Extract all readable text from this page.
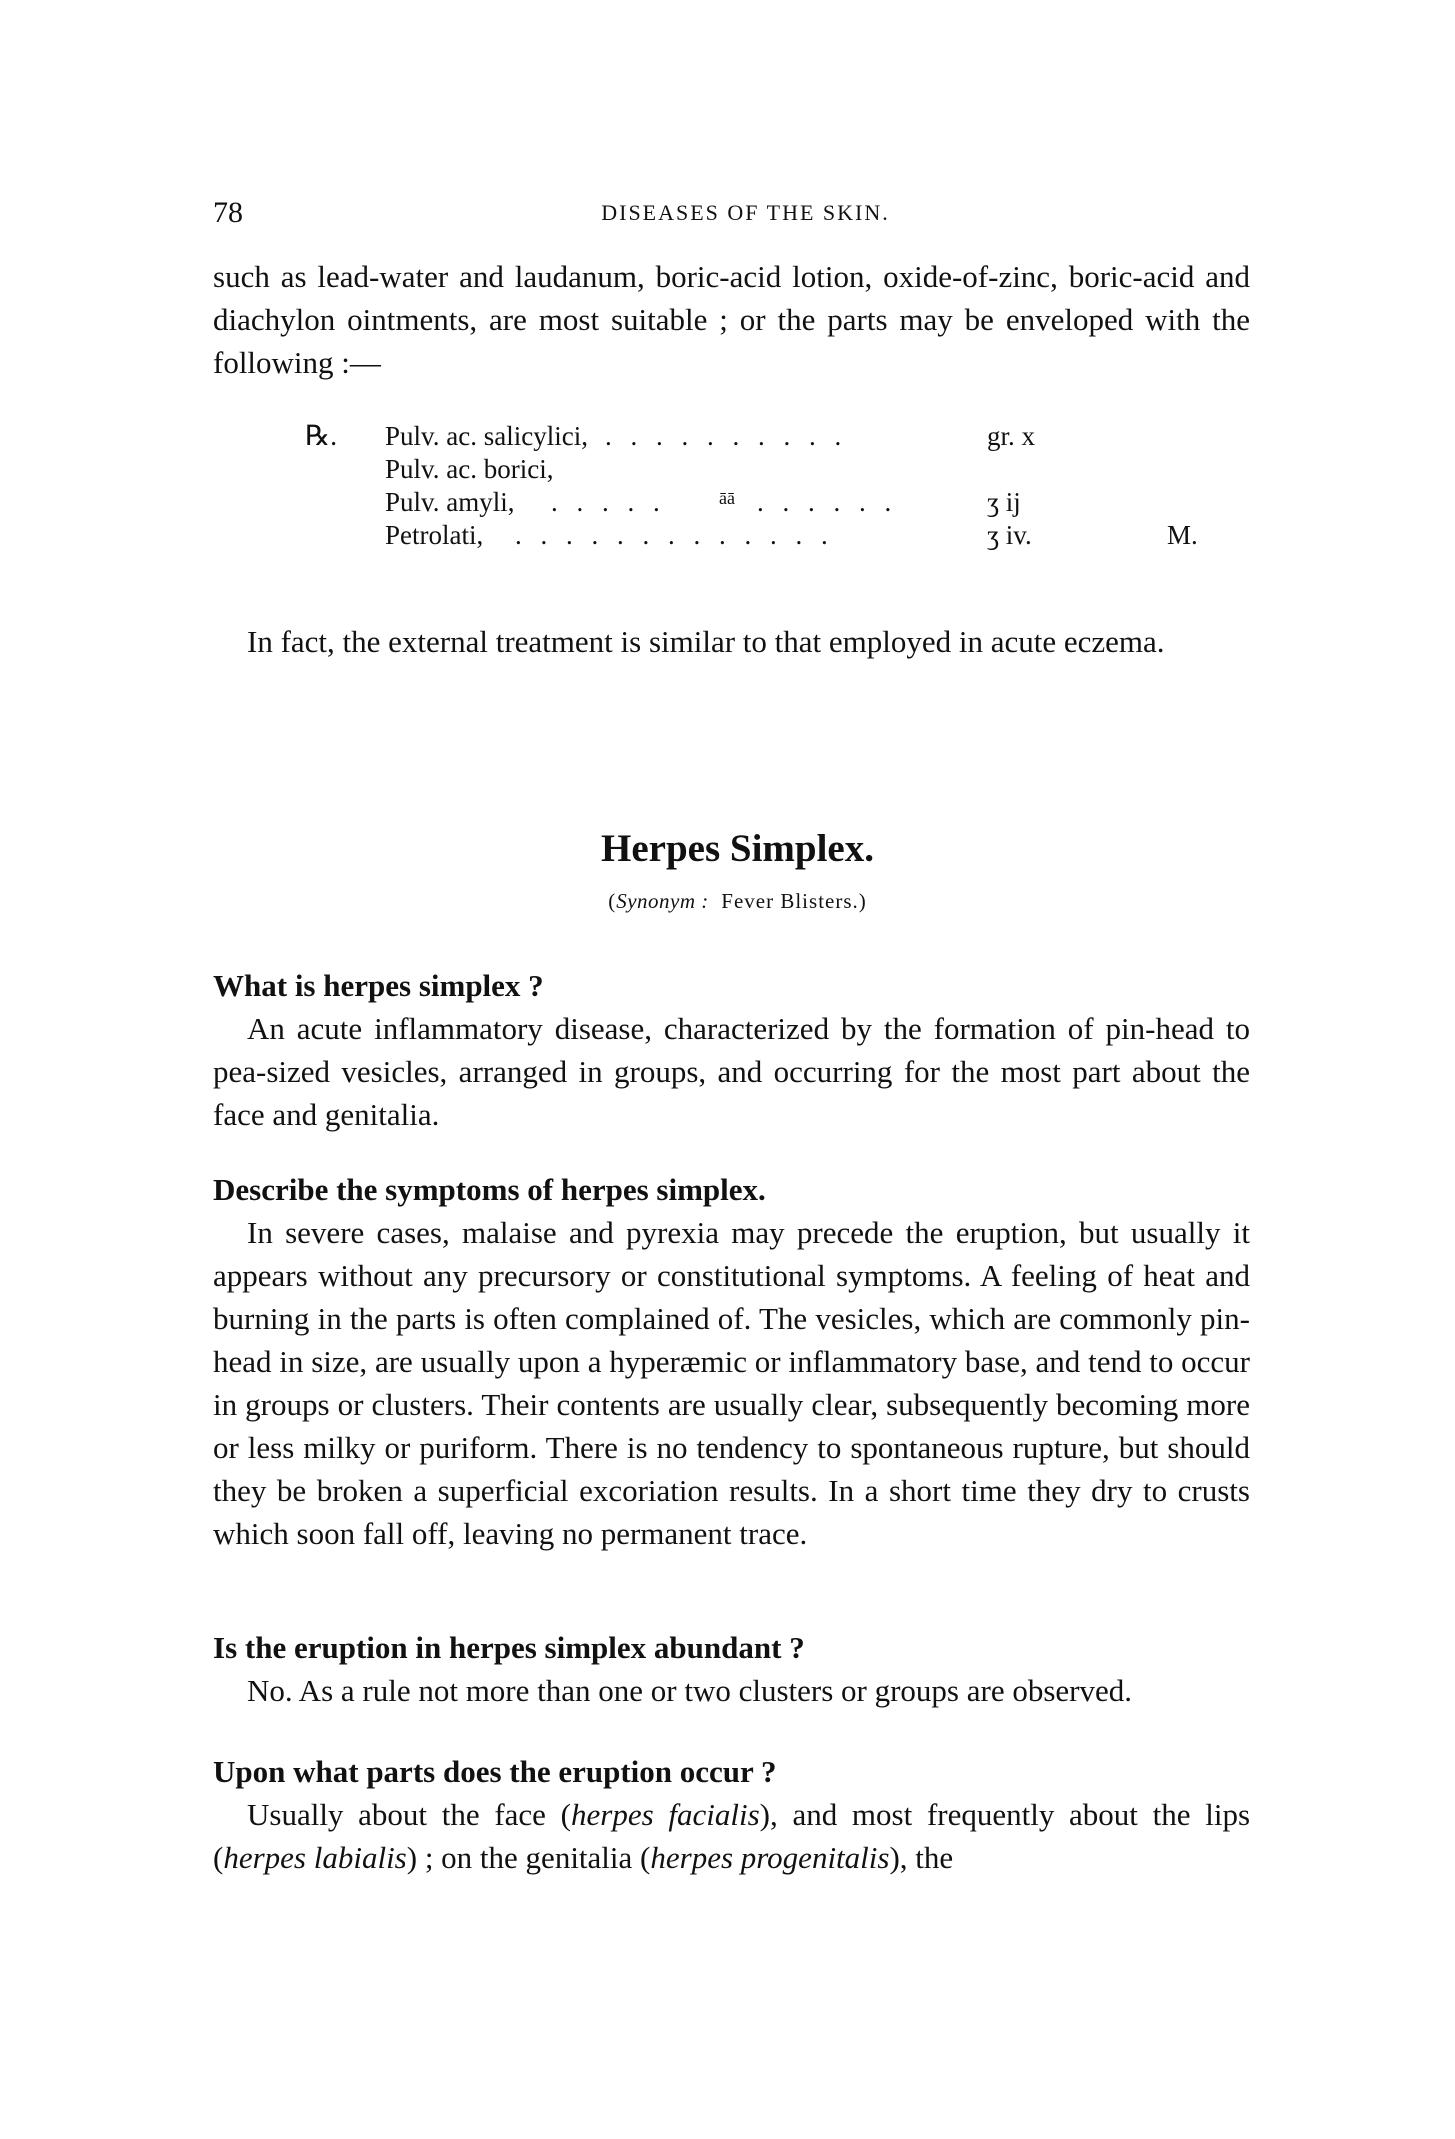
78	DISEASES OF THE SKIN.

such as lead-water and laudanum, boric-acid lotion, oxide-of-zinc, boric-acid and diachylon ointments, are most suitable ; or the parts may be enveloped with the following :—

℞. Pulv. ac. salicylici, . . . . . . . . . .	gr. x
Pulv. ac. borici,
Pulv. amyli, . . . . .	āā . . . . . .	ʒ ij
Petrolati, . . . . . . . . . . . . .	ʒ iv.	M.

In fact, the external treatment is similar to that employed in acute eczema.

Herpes Simplex.
(Synonym : Fever Blisters.)

What is herpes simplex ?

An acute inflammatory disease, characterized by the formation of pin-head to pea-sized vesicles, arranged in groups, and occurring for the most part about the face and genitalia.

Describe the symptoms of herpes simplex.

In severe cases, malaise and pyrexia may precede the eruption, but usually it appears without any precursory or constitutional symptoms. A feeling of heat and burning in the parts is often complained of. The vesicles, which are commonly pin-head in size, are usually upon a hyperæmic or inflammatory base, and tend to occur in groups or clusters. Their contents are usually clear, subsequently becoming more or less milky or puriform. There is no tendency to spontaneous rupture, but should they be broken a superficial excoriation results. In a short time they dry to crusts which soon fall off, leaving no permanent trace.

Is the eruption in herpes simplex abundant ?

No. As a rule not more than one or two clusters or groups are observed.

Upon what parts does the eruption occur ?

Usually about the face (herpes facialis), and most frequently about the lips (herpes labialis) ; on the genitalia (herpes progenitalis), the
